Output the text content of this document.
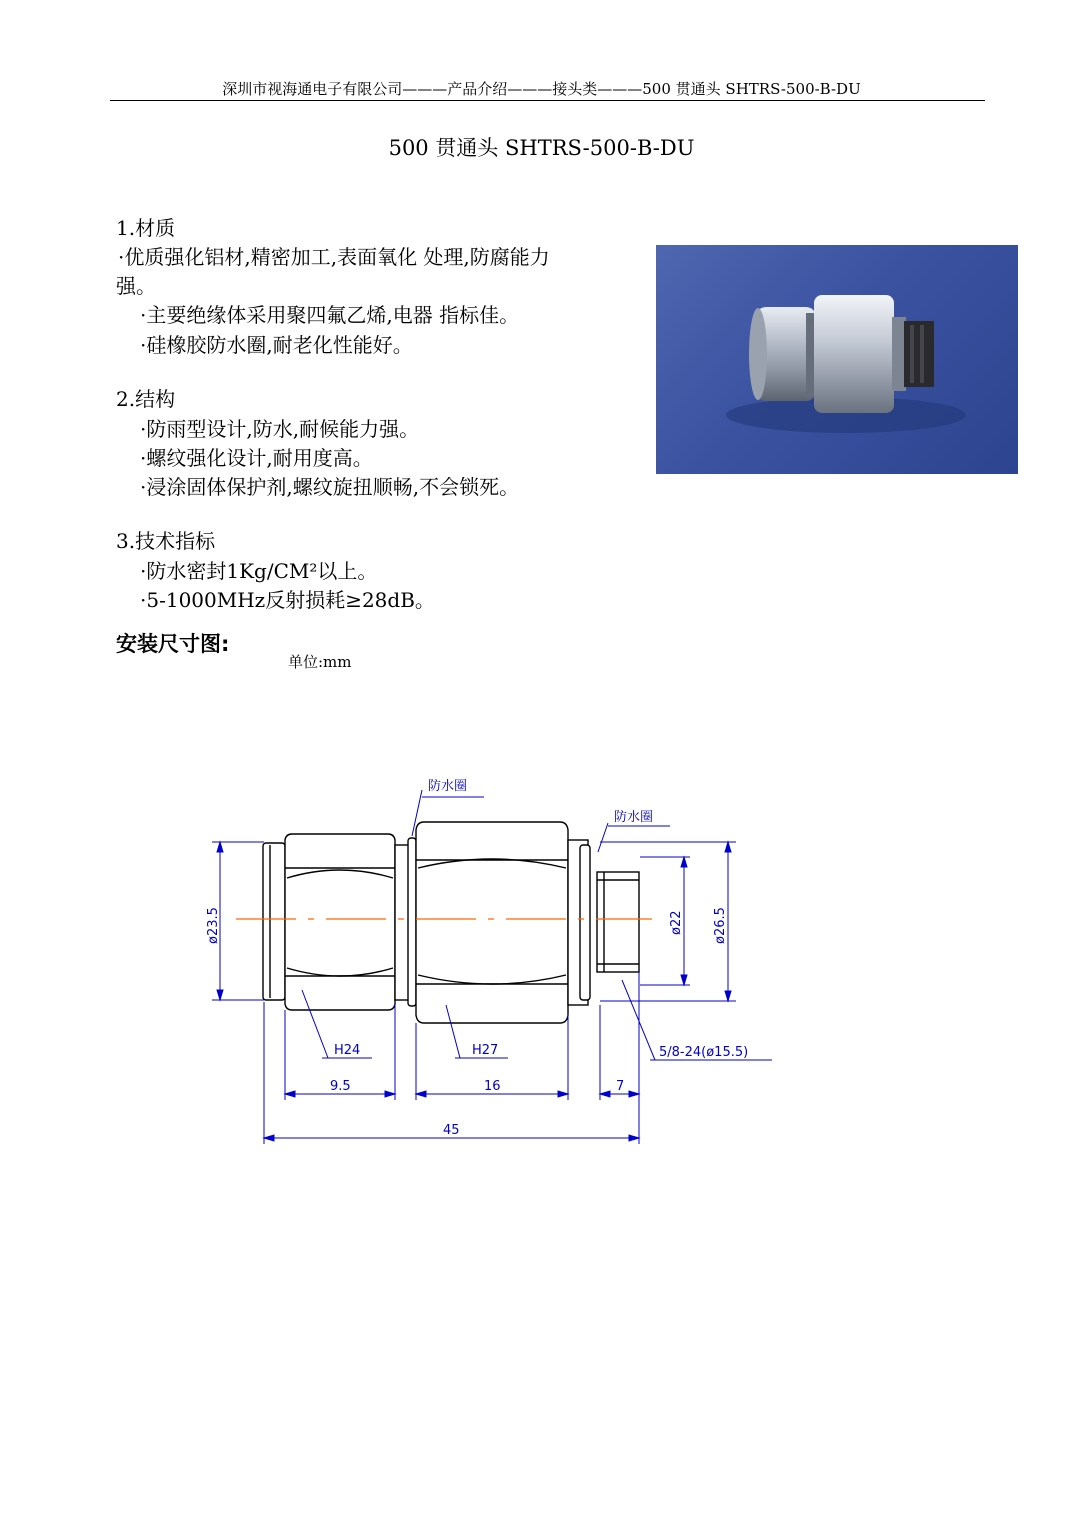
深圳市视海通电子有限公司———产品介绍———接头类———500 贯通头 SHTRS-500-B-DU
500 贯通头 SHTRS-500-B-DU
1.材质
·优质强化铝材,精密加工,表面氧化 处理,防腐能力
强。
·主要绝缘体采用聚四氟乙烯,电器 指标佳。
·硅橡胶防水圈,耐老化性能好。
2.结构
·防雨型设计,防水,耐候能力强。
·螺纹强化设计,耐用度高。
·浸涂固体保护剂,螺纹旋扭顺畅,不会锁死。
3.技术指标
·防水密封1Kg/CM²以上。
·5-1000MHz反射损耗≥28dB。
安装尺寸图:
单位:mm
防水圈
防水圈
ø23.5	ø22 ø26.5
H24	H27	5/8-24(ø15.5)
9.5	16	7
45
